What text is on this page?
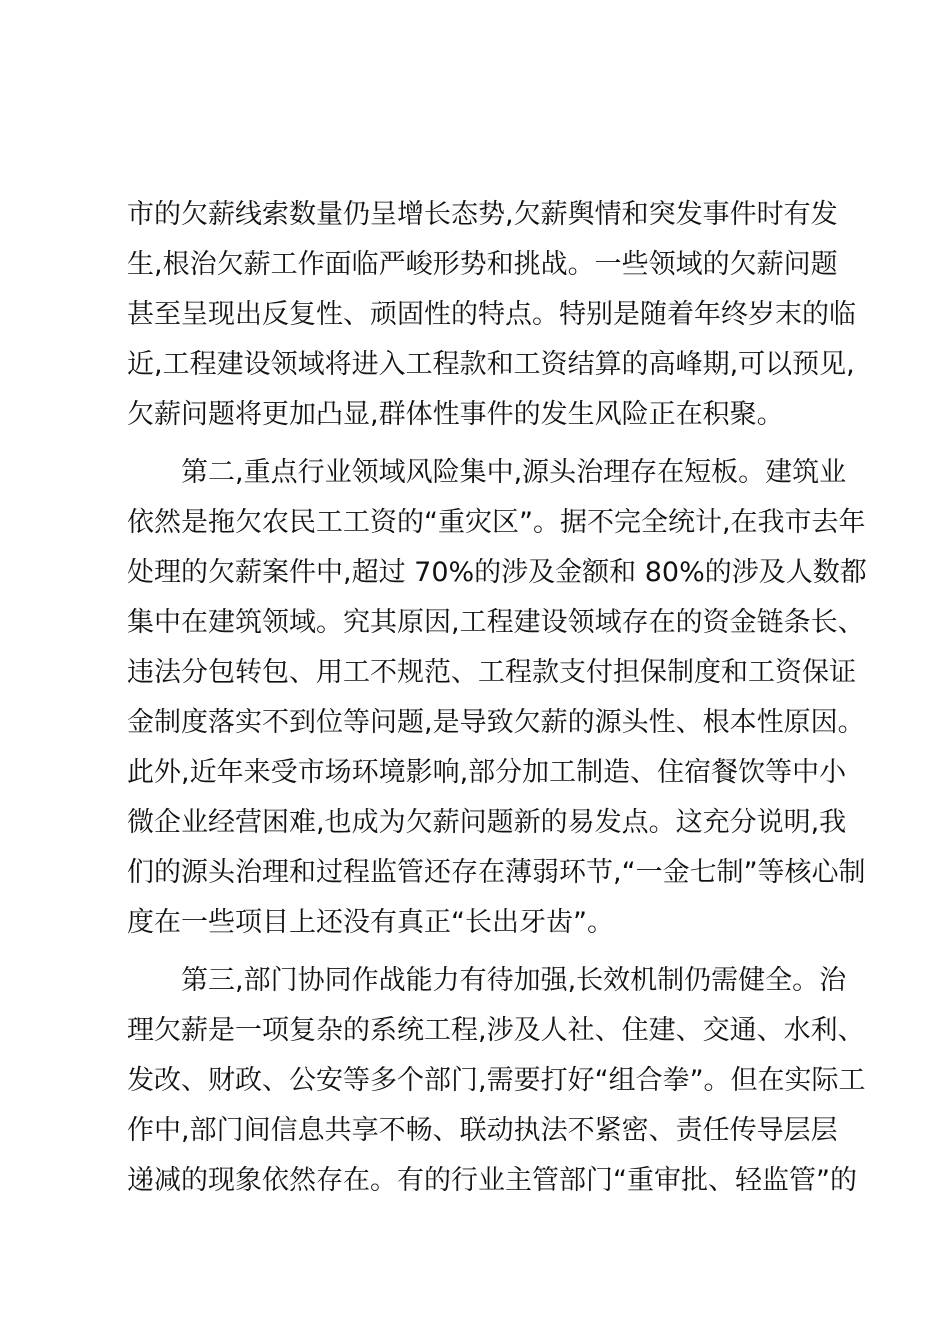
市的欠薪线索数量仍呈增长态势,欠薪舆情和突发事件时有发
生,根治欠薪工作面临严峻形势和挑战。一些领域的欠薪问题
甚至呈现出反复性、顽固性的特点。特别是随着年终岁末的临
近,工程建设领域将进入工程款和工资结算的高峰期,可以预见,
欠薪问题将更加凸显,群体性事件的发生风险正在积聚。
第二,重点行业领域风险集中,源头治理存在短板。建筑业
依然是拖欠农民工工资的“重灾区”。据不完全统计,在我市去年
处理的欠薪案件中,超过 70%的涉及金额和 80%的涉及人数都
集中在建筑领域。究其原因,工程建设领域存在的资金链条长、
违法分包转包、用工不规范、工程款支付担保制度和工资保证
金制度落实不到位等问题,是导致欠薪的源头性、根本性原因。
此外,近年来受市场环境影响,部分加工制造、住宿餐饮等中小
微企业经营困难,也成为欠薪问题新的易发点。这充分说明,我
们的源头治理和过程监管还存在薄弱环节,“一金七制”等核心制
度在一些项目上还没有真正“长出牙齿”。
第三,部门协同作战能力有待加强,长效机制仍需健全。治
理欠薪是一项复杂的系统工程,涉及人社、住建、交通、水利、
发改、财政、公安等多个部门,需要打好“组合拳”。但在实际工
作中,部门间信息共享不畅、联动执法不紧密、责任传导层层
递减的现象依然存在。有的行业主管部门“重审批、轻监管”的
